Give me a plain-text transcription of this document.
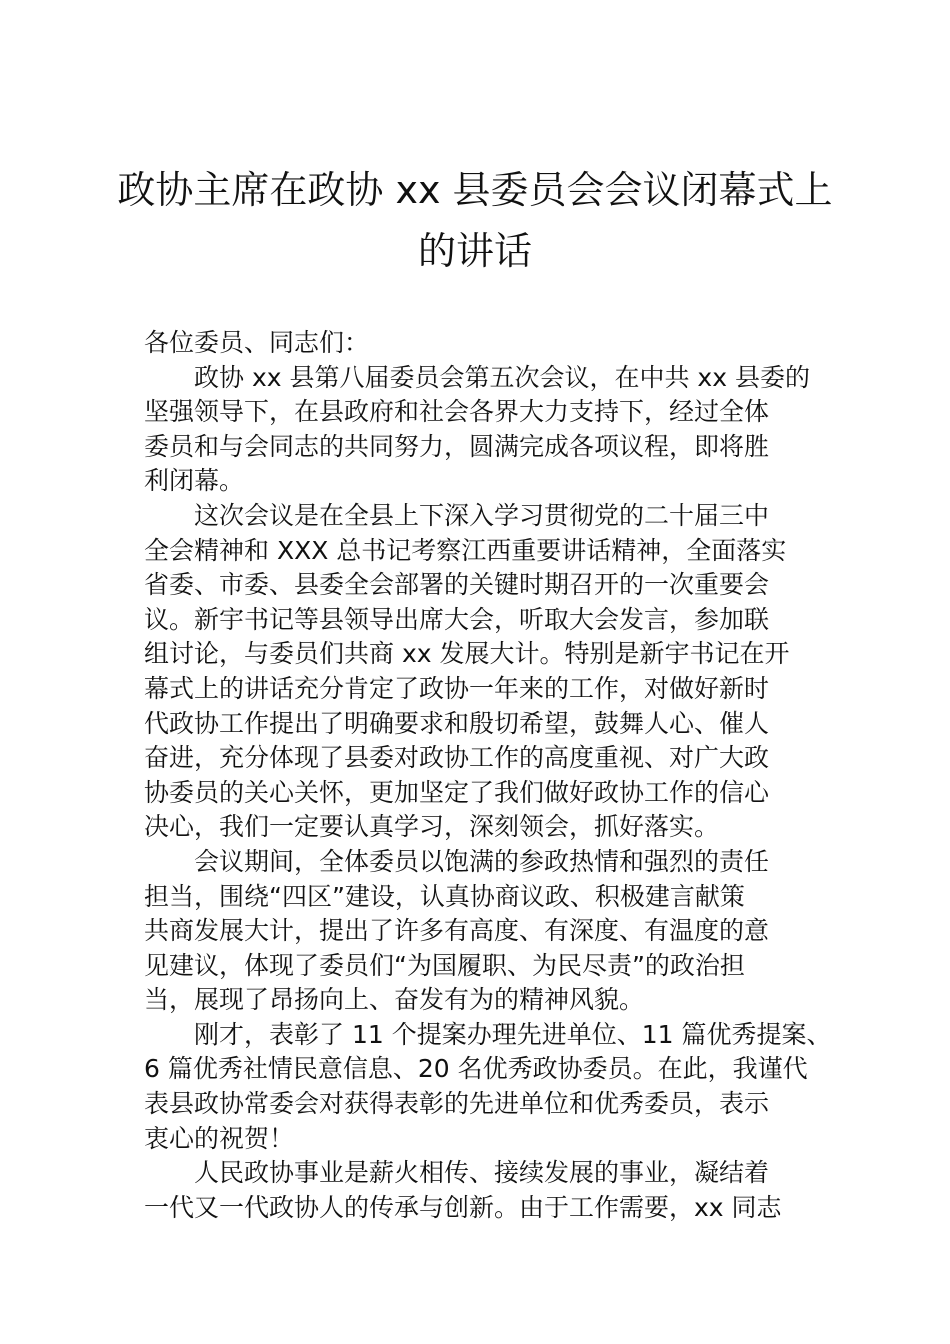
政协主席在政协 xx 县委员会会议闭幕式上
的讲话
各位委员、同志们：
政协 xx 县第八届委员会第五次会议，在中共 xx 县委的
坚强领导下，在县政府和社会各界大力支持下，经过全体
委员和与会同志的共同努力，圆满完成各项议程，即将胜
利闭幕。
这次会议是在全县上下深入学习贯彻党的二十届三中
全会精神和 XXX 总书记考察江西重要讲话精神，全面落实
省委、市委、县委全会部署的关键时期召开的一次重要会
议。新宇书记等县领导出席大会，听取大会发言，参加联
组讨论，与委员们共商 xx 发展大计。特别是新宇书记在开
幕式上的讲话充分肯定了政协一年来的工作，对做好新时
代政协工作提出了明确要求和殷切希望，鼓舞人心、催人
奋进，充分体现了县委对政协工作的高度重视、对广大政
协委员的关心关怀，更加坚定了我们做好政协工作的信心
决心，我们一定要认真学习，深刻领会，抓好落实。
会议期间，全体委员以饱满的参政热情和强烈的责任
担当，围绕“四区”建设，认真协商议政、积极建言献策
共商发展大计，提出了许多有高度、有深度、有温度的意
见建议，体现了委员们“为国履职、为民尽责”的政治担
当，展现了昂扬向上、奋发有为的精神风貌。
刚才，表彰了 11 个提案办理先进单位、11 篇优秀提案、
6 篇优秀社情民意信息、20 名优秀政协委员。在此，我谨代
表县政协常委会对获得表彰的先进单位和优秀委员，表示
衷心的祝贺！
人民政协事业是薪火相传、接续发展的事业，凝结着
一代又一代政协人的传承与创新。由于工作需要，xx 同志
